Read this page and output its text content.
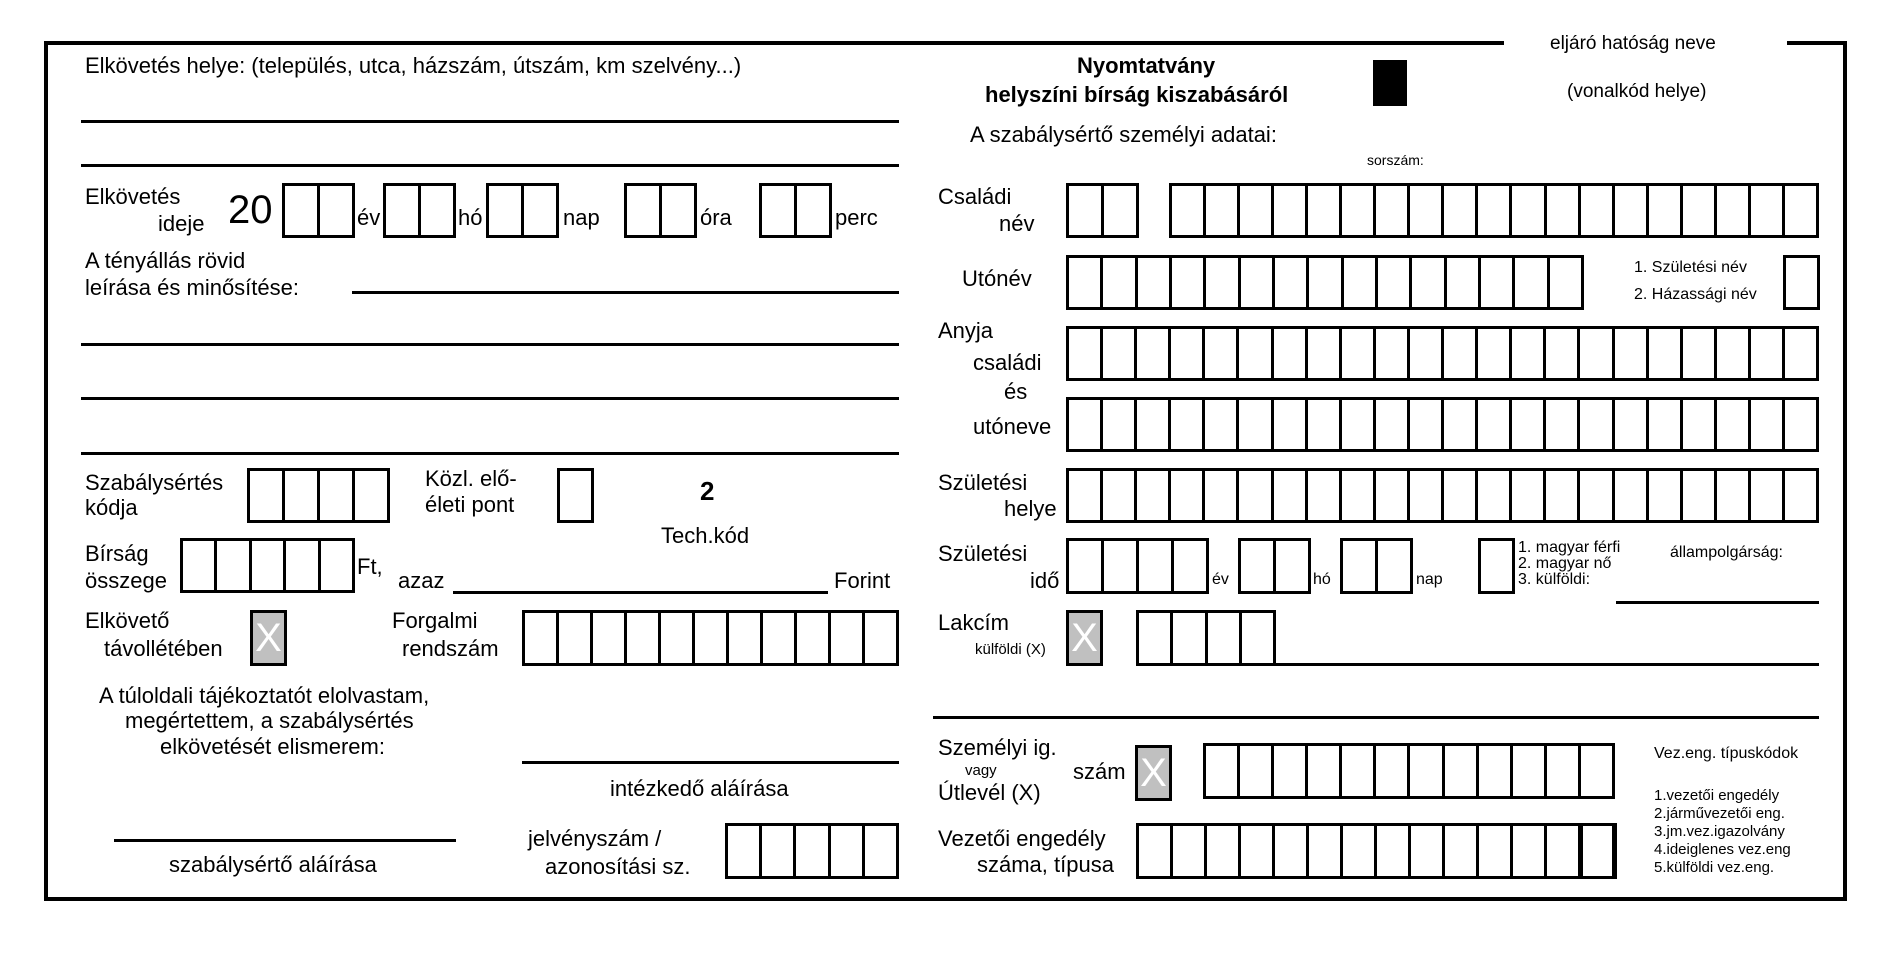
eljáró hatóság neve
(vonalkód helye)
Nyomtatvány
helyszíni bírság kiszabásáról
A szabálysértő személyi adatai:
sorszám:
Elkövetés helye: (település, utca, házszám, útszám, km szelvény...)
Elkövetés
ideje 20	év	hó	nap	óra	perc
A tényállás rövid
leírása és minősítése:
Szabálysértés
kódja
Közl. elő-
életi pont	2
Tech.kód
Bírság
összege
Ft,
azaz	Forint
Elkövető
távollétében X	Forgalmi
rendszám
A túloldali tájékoztatót elolvastam,
megértettem, a szabálysértés
elkövetését elismerem:
intézkedő aláírása
szabálysértő aláírása
jelvényszám /
azonosítási sz.
Családi
név
Utónév	1. Születési név
2. Házassági név
Anyja
családi
és
utóneve
Születési
helye
Születési
idő	év	hó	nap
1. magyar férfi
2. magyar nő
3. külföldi:
állampolgárság:
Lakcím
külföldi (X) X
Személyi ig.
vagy	szám
Útlevél (X) X	Vez.eng. típuskódok
1.vezetői engedély
2.járművezetői eng.
3.jm.vez.igazolvány
4.ideiglenes vez.eng
5.külföldi vez.eng.
Vezetői engedély
száma, típusa
